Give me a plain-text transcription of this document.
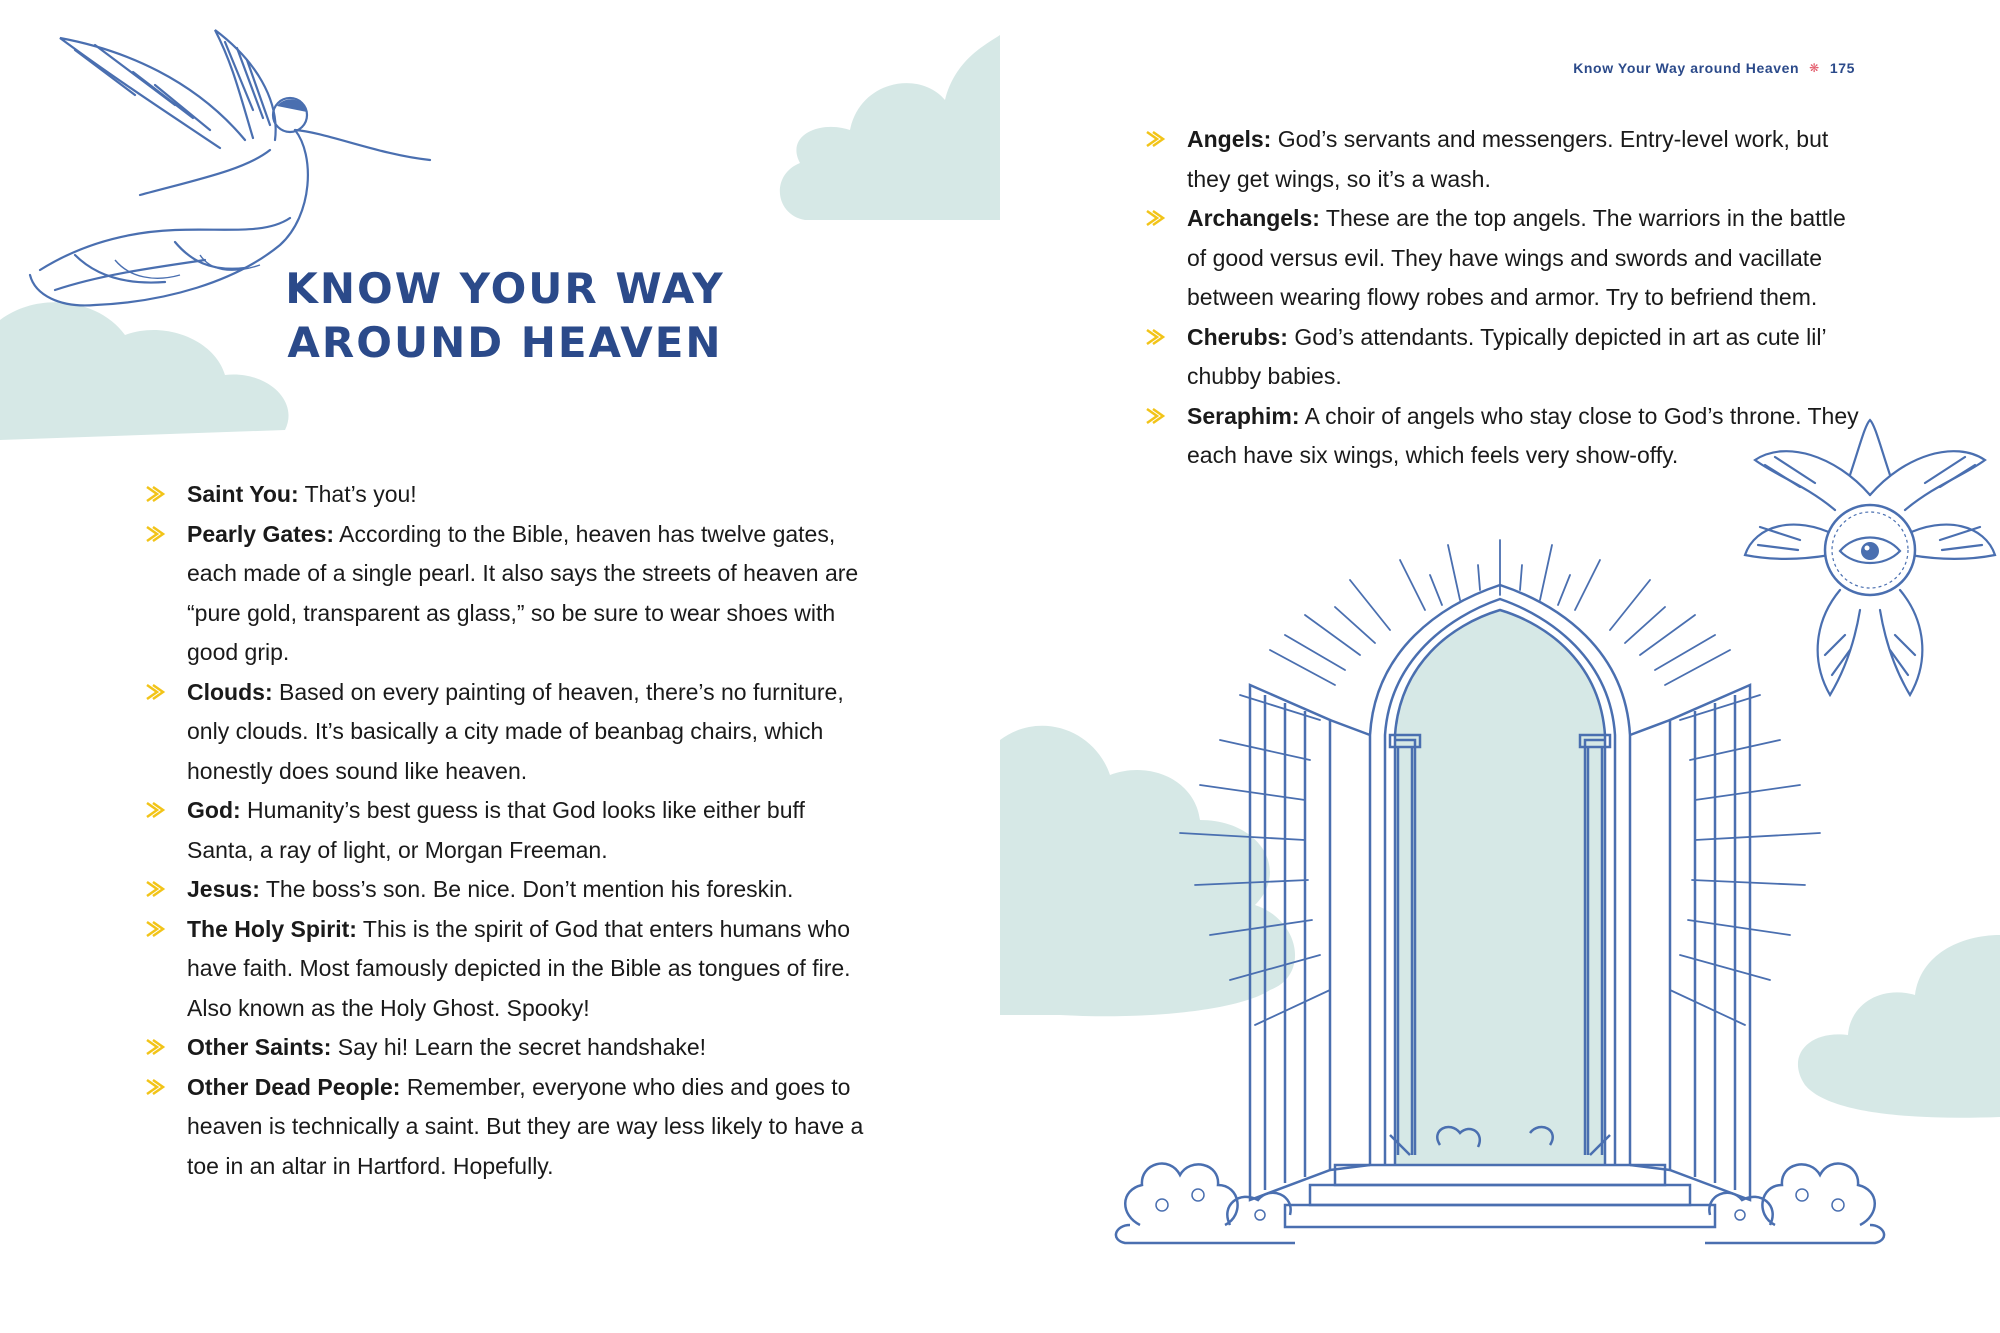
KNOW YOUR WAY
AROUND HEAVEN
Saint You: That’s you!
Pearly Gates: According to the Bible, heaven has twelve gates, each made of a single pearl. It also says the streets of heaven are “pure gold, transparent as glass,” so be sure to wear shoes with good grip.
Clouds: Based on every painting of heaven, there’s no furniture, only clouds. It’s basically a city made of beanbag chairs, which honestly does sound like heaven.
God: Humanity’s best guess is that God looks like either buff Santa, a ray of light, or Morgan Freeman.
Jesus: The boss’s son. Be nice. Don’t mention his foreskin.
The Holy Spirit: This is the spirit of God that enters humans who have faith. Most famously depicted in the Bible as tongues of fire. Also known as the Holy Ghost. Spooky!
Other Saints: Say hi! Learn the secret handshake!
Other Dead People: Remember, everyone who dies and goes to heaven is technically a saint. But they are way less likely to have a toe in an altar in Hartford. Hopefully.
Know Your Way around Heaven ❋ 175
Angels: God’s servants and messengers. Entry-level work, but they get wings, so it’s a wash.
Archangels: These are the top angels. The warriors in the battle of good versus evil. They have wings and swords and vacillate between wearing flowy robes and armor. Try to befriend them.
Cherubs: God’s attendants. Typically depicted in art as cute lil’ chubby babies.
Seraphim: A choir of angels who stay close to God’s throne. They each have six wings, which feels very show-offy.
